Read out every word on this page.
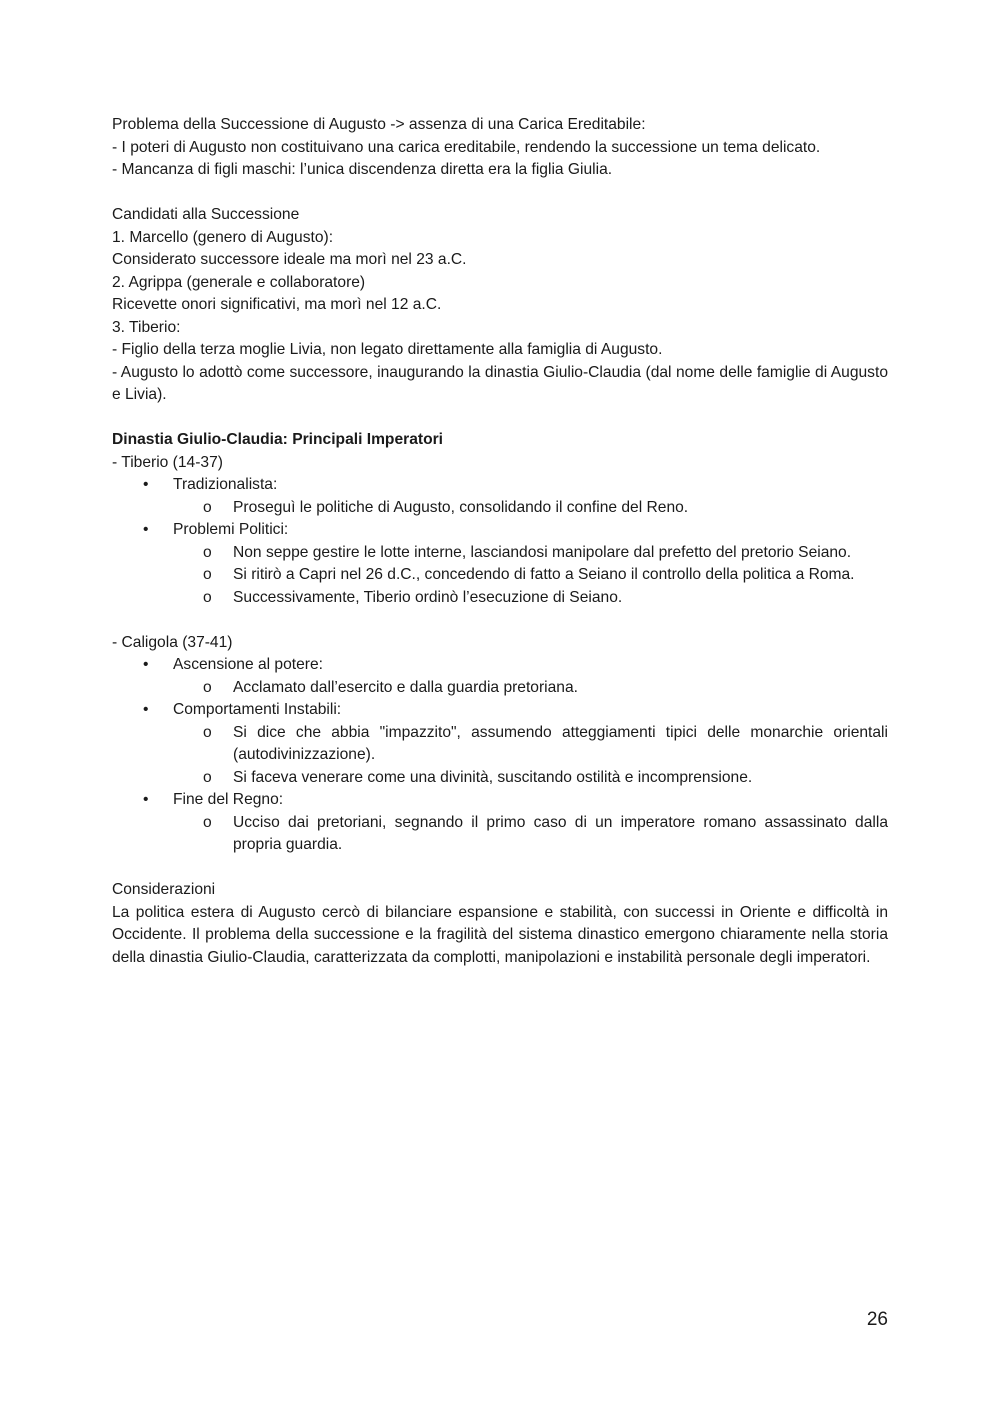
Problema della Successione di Augusto -> assenza di una Carica Ereditabile:

- I poteri di Augusto non costituivano una carica ereditabile, rendendo la successione un tema delicato.

- Mancanza di figli maschi: l’unica discendenza diretta era la figlia Giulia.

Candidati alla Successione

1. Marcello (genero di Augusto):

Considerato successore ideale ma morì nel 23 a.C.

2. Agrippa (generale e collaboratore)

Ricevette onori significativi, ma morì nel 12 a.C.

3. Tiberio:

- Figlio della terza moglie Livia, non legato direttamente alla famiglia di Augusto.

- Augusto lo adottò come successore, inaugurando la dinastia Giulio-Claudia (dal nome delle famiglie di Augusto e Livia).

Dinastia Giulio-Claudia: Principali Imperatori

- Tiberio (14-37)

• Tradizionalista:
o Proseguì le politiche di Augusto, consolidando il confine del Reno.
• Problemi Politici:
o Non seppe gestire le lotte interne, lasciandosi manipolare dal prefetto del pretorio Seiano.
o Si ritirò a Capri nel 26 d.C., concedendo di fatto a Seiano il controllo della politica a Roma.
o Successivamente, Tiberio ordinò l’esecuzione di Seiano.

- Caligola (37-41)

• Ascensione al potere:
o Acclamato dall’esercito e dalla guardia pretoriana.
• Comportamenti Instabili:
o Si dice che abbia "impazzito", assumendo atteggiamenti tipici delle monarchie orientali (autodivinizzazione).
o Si faceva venerare come una divinità, suscitando ostilità e incomprensione.
• Fine del Regno:
o Ucciso dai pretoriani, segnando il primo caso di un imperatore romano assassinato dalla propria guardia.

Considerazioni

La politica estera di Augusto cercò di bilanciare espansione e stabilità, con successi in Oriente e difficoltà in Occidente. Il problema della successione e la fragilità del sistema dinastico emergono chiaramente nella storia della dinastia Giulio-Claudia, caratterizzata da complotti, manipolazioni e instabilità personale degli imperatori.

26
